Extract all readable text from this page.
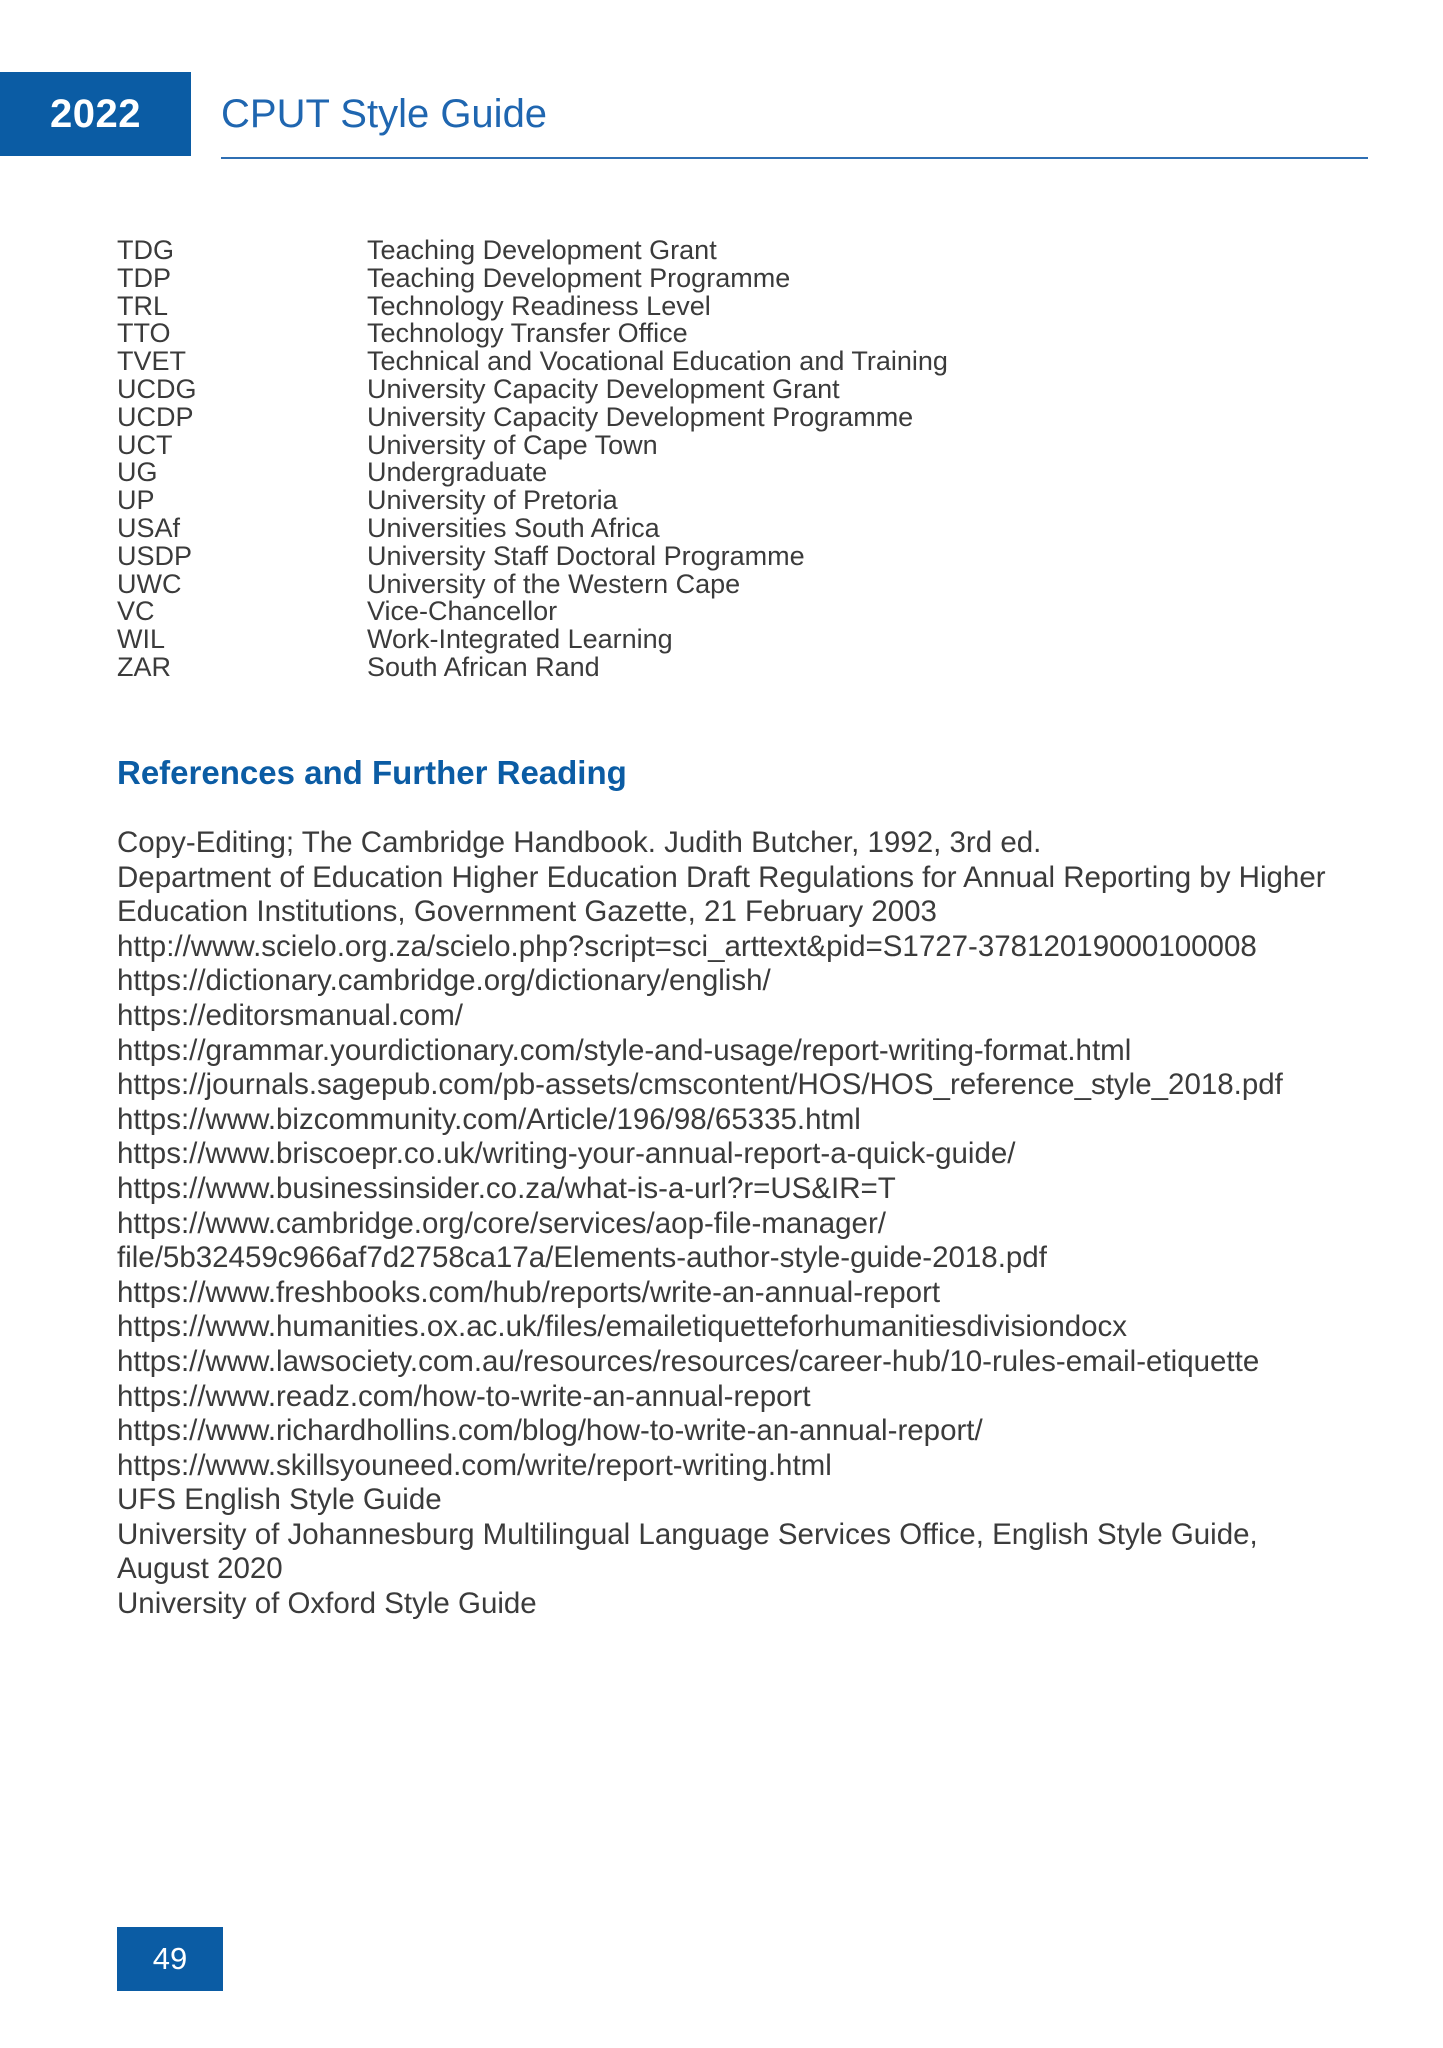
2022	CPUT Style Guide
TDG	Teaching Development Grant
TDP	Teaching Development Programme
TRL	Technology Readiness Level
TTO	Technology Transfer Office
TVET	Technical and Vocational Education and Training
UCDG	University Capacity Development Grant
UCDP	University Capacity Development Programme
UCT	University of Cape Town
UG	Undergraduate
UP	University of Pretoria
USAf	Universities South Africa
USDP	University Staff Doctoral Programme
UWC	University of the Western Cape
VC	Vice-Chancellor
WIL	Work-Integrated Learning
ZAR	South African Rand
References and Further Reading
Copy-Editing; The Cambridge Handbook. Judith Butcher, 1992, 3rd ed.
Department of Education Higher Education Draft Regulations for Annual Reporting by Higher
Education Institutions, Government Gazette, 21 February 2003
http://www.scielo.org.za/scielo.php?script=sci_arttext&pid=S1727-37812019000100008
https://dictionary.cambridge.org/dictionary/english/
https://editorsmanual.com/
https://grammar.yourdictionary.com/style-and-usage/report-writing-format.html
https://journals.sagepub.com/pb-assets/cmscontent/HOS/HOS_reference_style_2018.pdf
https://www.bizcommunity.com/Article/196/98/65335.html
https://www.briscoepr.co.uk/writing-your-annual-report-a-quick-guide/
https://www.businessinsider.co.za/what-is-a-url?r=US&IR=T
https://www.cambridge.org/core/services/aop-file-manager/
file/5b32459c966af7d2758ca17a/Elements-author-style-guide-2018.pdf
https://www.freshbooks.com/hub/reports/write-an-annual-report
https://www.humanities.ox.ac.uk/files/emailetiquetteforhumanitiesdivisiondocx
https://www.lawsociety.com.au/resources/resources/career-hub/10-rules-email-etiquette
https://www.readz.com/how-to-write-an-annual-report
https://www.richardhollins.com/blog/how-to-write-an-annual-report/
https://www.skillsyouneed.com/write/report-writing.html
UFS English Style Guide
University of Johannesburg Multilingual Language Services Office, English Style Guide,
August 2020
University of Oxford Style Guide
49
